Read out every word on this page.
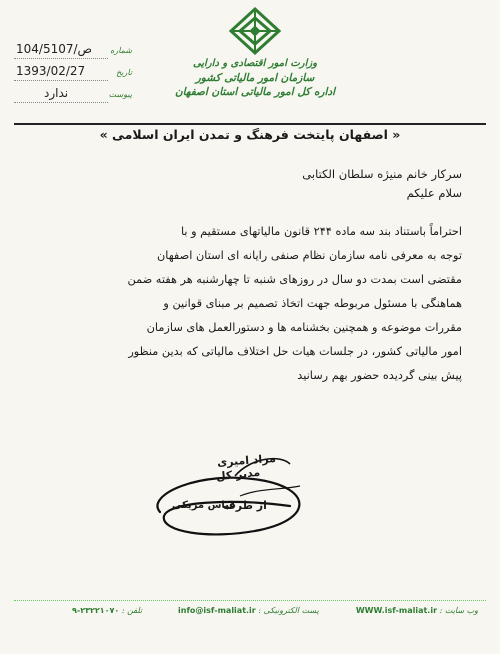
وزارت امور اقتصادی و دارایی
سازمان امور مالیاتی کشور
اداره کل امور مالیاتی استان اصفهان
شماره
104/5107/ص
تاریخ
1393/02/27
پیوست
ندارد
« اصفهان پایتخت فرهنگ و تمدن ایران اسلامی »
سرکار خانم منیژه سلطان الکتابی
سلام علیکم

احتراماً باستناد بند سه ماده ۲۴۴ قانون مالیاتهای مستقیم و با

توجه به معرفی نامه سازمان نظام صنفی رایانه ای استان اصفهان

مقتضی است بمدت دو سال در روزهای شنبه تا چهارشنبه هر هفته ضمن

هماهنگی با مسئول مربوطه جهت اتخاذ تصمیم بر مبنای قوانین و

مقررات موضوعه و همچنین بخشنامه ها و دستورالعمل های سازمان

امور مالیاتی کشور، در جلسات هیات حل اختلاف مالیاتی که بدین منظور

پیش بینی گردیده حضور بهم رسانید

مراد امیری
مدیر کل
از طرف
عباس مزیکی
وب سایت : WWW.isf-maliat.ir
پست الکترونیکی : info@isf-maliat.ir
تلفن : ۲۳۲۲۱۰۷۰-۹
